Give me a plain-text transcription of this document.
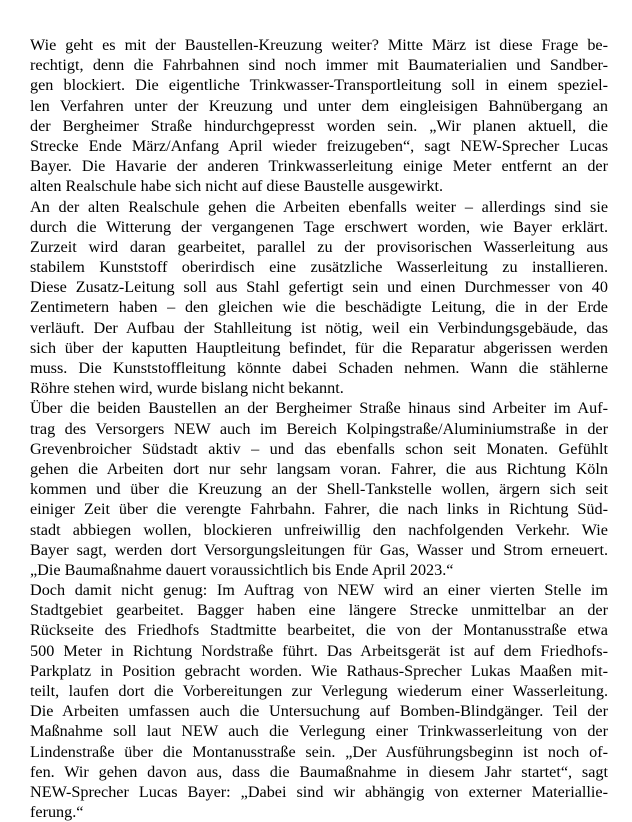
Wie geht es mit der Baustellen-Kreuzung weiter? Mitte März ist diese Frage be-
rechtigt, denn die Fahrbahnen sind noch immer mit Baumaterialien und Sandber-
gen blockiert. Die eigentliche Trinkwasser-Transportleitung soll in einem speziel-
len Verfahren unter der Kreuzung und unter dem eingleisigen Bahnübergang an
der Bergheimer Straße hindurchgepresst worden sein. „Wir planen aktuell, die
Strecke Ende März/Anfang April wieder freizugeben“, sagt NEW-Sprecher Lucas
Bayer. Die Havarie der anderen Trinkwasserleitung einige Meter entfernt an der
alten Realschule habe sich nicht auf diese Baustelle ausgewirkt.
An der alten Realschule gehen die Arbeiten ebenfalls weiter – allerdings sind sie
durch die Witterung der vergangenen Tage erschwert worden, wie Bayer erklärt.
Zurzeit wird daran gearbeitet, parallel zu der provisorischen Wasserleitung aus
stabilem Kunststoff oberirdisch eine zusätzliche Wasserleitung zu installieren.
Diese Zusatz-Leitung soll aus Stahl gefertigt sein und einen Durchmesser von 40
Zentimetern haben – den gleichen wie die beschädigte Leitung, die in der Erde
verläuft. Der Aufbau der Stahlleitung ist nötig, weil ein Verbindungsgebäude, das
sich über der kaputten Hauptleitung befindet, für die Reparatur abgerissen werden
muss. Die Kunststoffleitung könnte dabei Schaden nehmen. Wann die stählerne
Röhre stehen wird, wurde bislang nicht bekannt.
Über die beiden Baustellen an der Bergheimer Straße hinaus sind Arbeiter im Auf-
trag des Versorgers NEW auch im Bereich Kolpingstraße/Aluminiumstraße in der
Grevenbroicher Südstadt aktiv – und das ebenfalls schon seit Monaten. Gefühlt
gehen die Arbeiten dort nur sehr langsam voran. Fahrer, die aus Richtung Köln
kommen und über die Kreuzung an der Shell-Tankstelle wollen, ärgern sich seit
einiger Zeit über die verengte Fahrbahn. Fahrer, die nach links in Richtung Süd-
stadt abbiegen wollen, blockieren unfreiwillig den nachfolgenden Verkehr. Wie
Bayer sagt, werden dort Versorgungsleitungen für Gas, Wasser und Strom erneuert.
„Die Baumaßnahme dauert voraussichtlich bis Ende April 2023.“
Doch damit nicht genug: Im Auftrag von NEW wird an einer vierten Stelle im
Stadtgebiet gearbeitet. Bagger haben eine längere Strecke unmittelbar an der
Rückseite des Friedhofs Stadtmitte bearbeitet, die von der Montanusstraße etwa
500 Meter in Richtung Nordstraße führt. Das Arbeitsgerät ist auf dem Friedhofs-
Parkplatz in Position gebracht worden. Wie Rathaus-Sprecher Lukas Maaßen mit-
teilt, laufen dort die Vorbereitungen zur Verlegung wiederum einer Wasserleitung.
Die Arbeiten umfassen auch die Untersuchung auf Bomben-Blindgänger. Teil der
Maßnahme soll laut NEW auch die Verlegung einer Trinkwasserleitung von der
Lindenstraße über die Montanusstraße sein. „Der Ausführungsbeginn ist noch of-
fen. Wir gehen davon aus, dass die Baumaßnahme in diesem Jahr startet“, sagt
NEW-Sprecher Lucas Bayer: „Dabei sind wir abhängig von externer Materiallie-
ferung.“
